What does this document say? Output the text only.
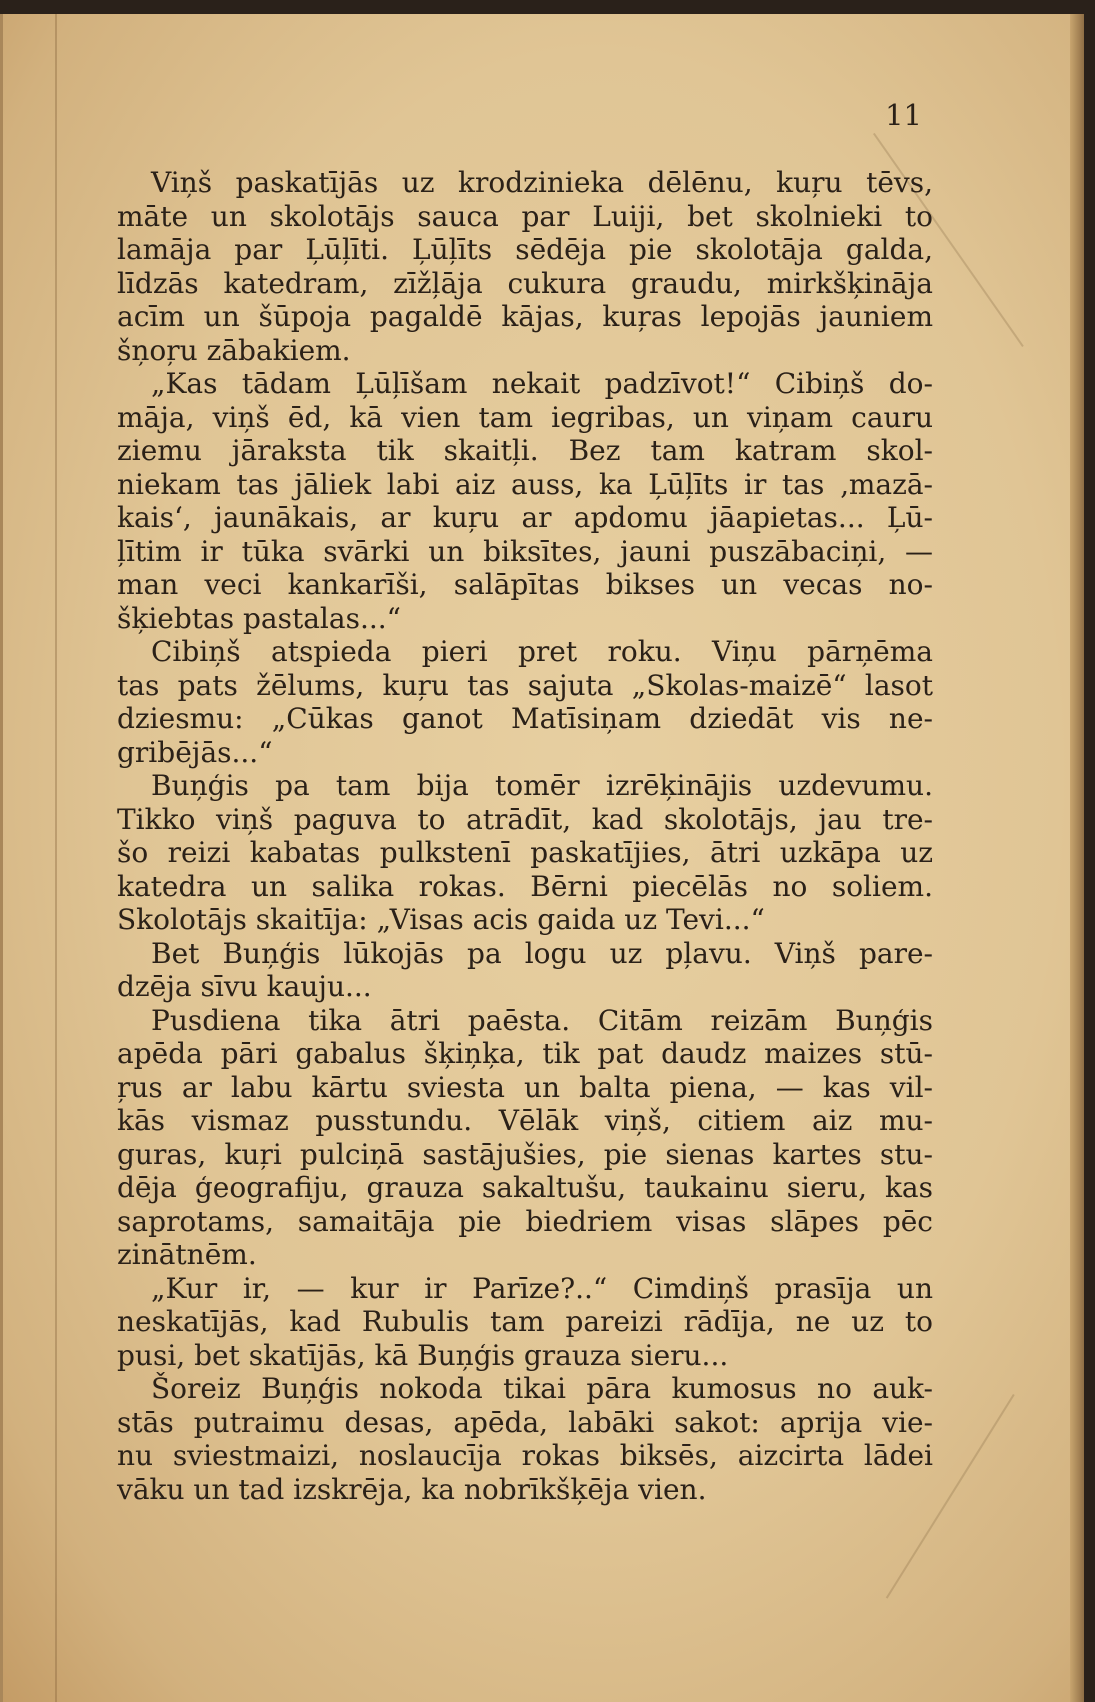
11
Viņš paskatījās uz krodzinieka dēlēnu, kuŗu tēvs,
māte un skolotājs sauca par Luiji, bet skolnieki to
lamāja par Ļūļīti. Ļūļīts sēdēja pie skolotāja galda,
līdzās katedram, zīžļāja cukura graudu, mirkšķināja
acīm un šūpoja pagaldē kājas, kuŗas lepojās jauniem
šņoŗu zābakiem.
„Kas tādam Ļūļīšam nekait padzīvot!“ Cibiņš do-
māja, viņš ēd, kā vien tam iegribas, un viņam cauru
ziemu jāraksta tik skaitļi. Bez tam katram skol-
niekam tas jāliek labi aiz auss, ka Ļūļīts ir tas ‚mazā-
kais‘, jaunākais, ar kuŗu ar apdomu jāapietas... Ļū-
ļītim ir tūka svārki un biksītes, jauni puszābaciņi, —
man veci kankarīši, salāpītas bikses un vecas no-
šķiebtas pastalas...“
Cibiņš atspieda pieri pret roku. Viņu pārņēma
tas pats žēlums, kuŗu tas sajuta „Skolas-maizē“ lasot
dziesmu: „Cūkas ganot Matīsiņam dziedāt vis ne-
gribējās...“
Buņģis pa tam bija tomēr izrēķinājis uzdevumu.
Tikko viņš paguva to atrādīt, kad skolotājs, jau tre-
šo reizi kabatas pulkstenī paskatījies, ātri uzkāpa uz
katedra un salika rokas. Bērni piecēlās no soliem.
Skolotājs skaitīja: „Visas acis gaida uz Tevi...“
Bet Buņģis lūkojās pa logu uz pļavu. Viņš pare-
dzēja sīvu kauju...
Pusdiena tika ātri paēsta. Citām reizām Buņģis
apēda pāri gabalus šķiņķa, tik pat daudz maizes stū-
ŗus ar labu kārtu sviesta un balta piena, — kas vil-
kās vismaz pusstundu. Vēlāk viņš, citiem aiz mu-
guras, kuŗi pulciņā sastājušies, pie sienas kartes stu-
dēja ģeografiju, grauza sakaltušu, taukainu sieru, kas
saprotams, samaitāja pie biedriem visas slāpes pēc
zinātnēm.
„Kur ir, — kur ir Parīze?..“ Cimdiņš prasīja un
neskatījās, kad Rubulis tam pareizi rādīja, ne uz to
pusi, bet skatījās, kā Buņģis grauza sieru...
Šoreiz Buņģis nokoda tikai pāra kumosus no auk-
stās putraimu desas, apēda, labāki sakot: aprija vie-
nu sviestmaizi, noslaucīja rokas biksēs, aizcirta lādei
vāku un tad izskrēja, ka nobrīkšķēja vien.
